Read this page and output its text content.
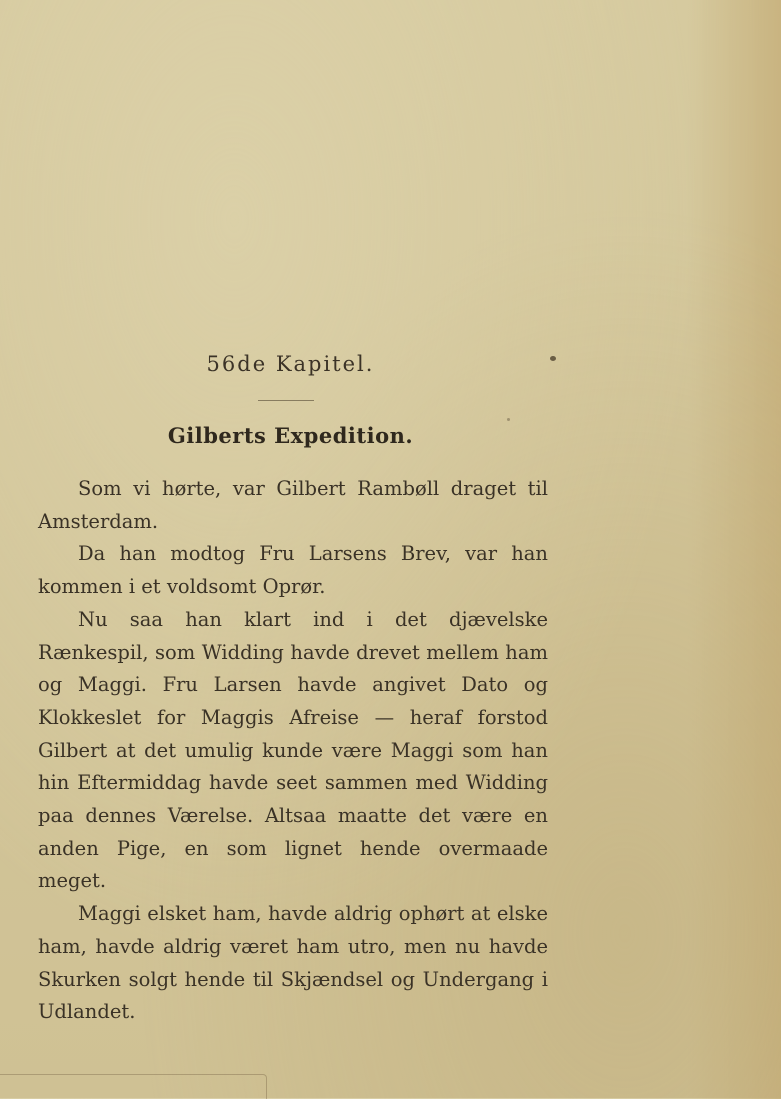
56de Kapitel.
Gilberts Expedition.

Som vi hørte, var Gilbert Rambøll draget til Amsterdam.

Da han modtog Fru Larsens Brev, var han kommen i et voldsomt Oprør.

Nu saa han klart ind i det djævelske Rænkespil, som Widding havde drevet mellem ham og Maggi. Fru Larsen havde angivet Dato og Klokkeslet for Maggis Afreise — heraf forstod Gilbert at det umulig kunde være Maggi som han hin Eftermiddag havde seet sammen med Widding paa dennes Værelse. Altsaa maatte det være en anden Pige, en som lignet hende overmaade meget.

Maggi elsket ham, havde aldrig ophørt at elske ham, havde aldrig været ham utro, men nu havde Skurken solgt hende til Skjændsel og Undergang i Udlandet.
